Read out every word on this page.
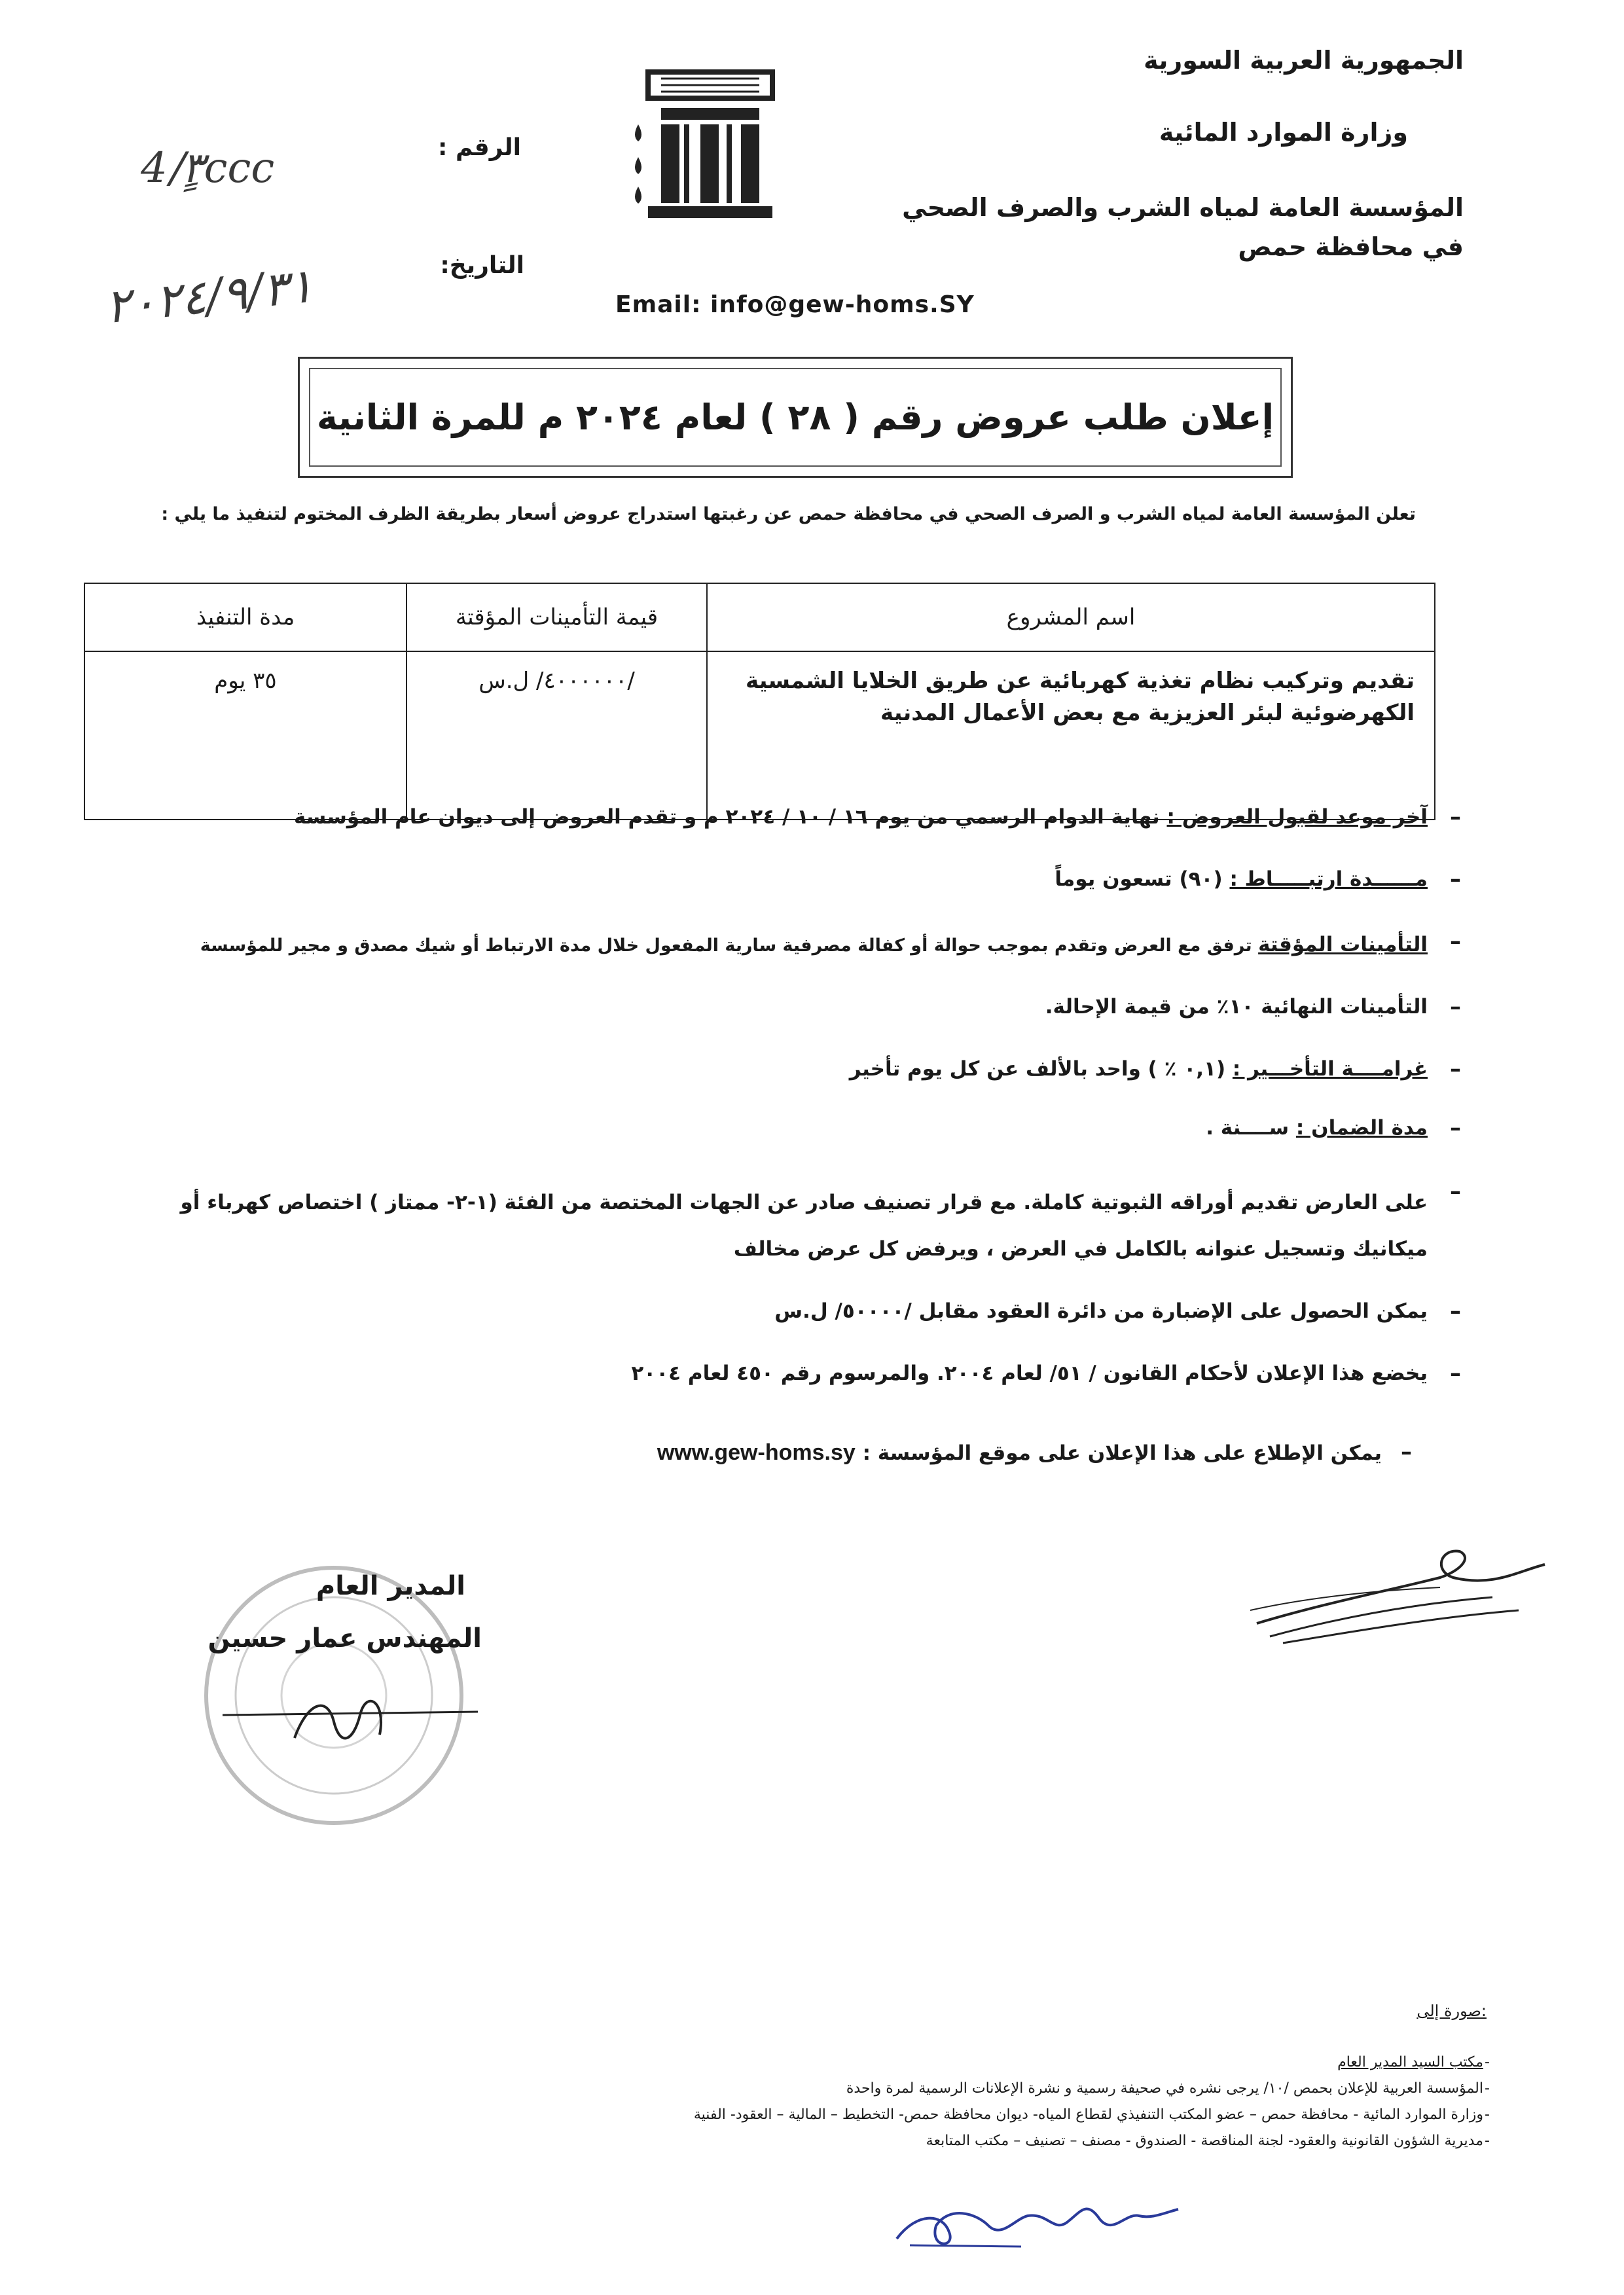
الجمهورية العربية السورية
وزارة الموارد المائية
المؤسسة العامة لمياه الشرب والصرف الصحي
في محافظة حمص
الرقم :
4/ٍ٣ccc
التاريخ:
٢٠٢٤/٩/٣١	Email: info@gew-homs.SY
إعلان طلب عروض رقم ( ٢٨ ) لعام ٢٠٢٤ م للمرة الثانية
تعلن المؤسسة العامة لمياه الشرب و الصرف الصحي في محافظة حمص عن رغبتها استدراج عروض أسعار بطريقة الظرف المختوم لتنفيذ ما يلي :
اسم المشروع	قيمة التأمينات المؤقتة	مدة التنفيذ
تقديم وتركيب نظام تغذية كهربائية عن طريق الخلايا الشمسية الكهرضوئية لبئر العزيزية مع بعض الأعمال المدنية	/٤٠٠٠٠٠٠/ ل.س	٣٥ يوم
–
آخر موعد لقبول العروض : نهاية الدوام الرسمي من يوم ١٦ / ١٠ / ٢٠٢٤ م و تقدم العروض إلى ديوان عام المؤسسة
–
مــــــدة ارتبـــــاط : (٩٠) تسعون يوماً
–
التأمينات المؤقتة ترفق مع العرض وتقدم بموجب حوالة أو كفالة مصرفية سارية المفعول خلال مدة الارتباط أو شيك مصدق و مجير للمؤسسة
–
التأمينات النهائية ١٠٪ من قيمة الإحالة.
–
غرامــــة التأخـــير : (٠,١ ٪ ) واحد بالألف عن كل يوم تأخير
–
مدة الضمان : ســــنة .
–
على العارض تقديم أوراقه الثبوتية كاملة. مع قرار تصنيف صادر عن الجهات المختصة من الفئة (١-٢- ممتاز ) اختصاص كهرباء أو ميكانيك وتسجيل عنوانه بالكامل في العرض ، ويرفض كل عرض مخالف
–
يمكن الحصول على الإضبارة من دائرة العقود مقابل /٥٠٠٠٠/ ل.س
–
يخضع هذا الإعلان لأحكام القانون / ٥١/ لعام ٢٠٠٤. والمرسوم رقم ٤٥٠ لعام ٢٠٠٤
–
يمكن الإطلاع على هذا الإعلان على موقع المؤسسة : www.gew-homs.sy
المدير العام
المهندس عمار حسين
صورة إلى:
مكتب السيد المدير العام -
المؤسسة العربية للإعلان بحمص /١٠/ يرجى نشره في صحيفة رسمية و نشرة الإعلانات الرسمية لمرة واحدة -
وزارة الموارد المائية - محافظة حمص – عضو المكتب التنفيذي لقطاع المياه- ديوان محافظة حمص- التخطيط – المالية – العقود- الفنية -
مديرية الشؤون القانونية والعقود- لجنة المناقصة - الصندوق - مصنف – تصنيف – مكتب المتابعة -
